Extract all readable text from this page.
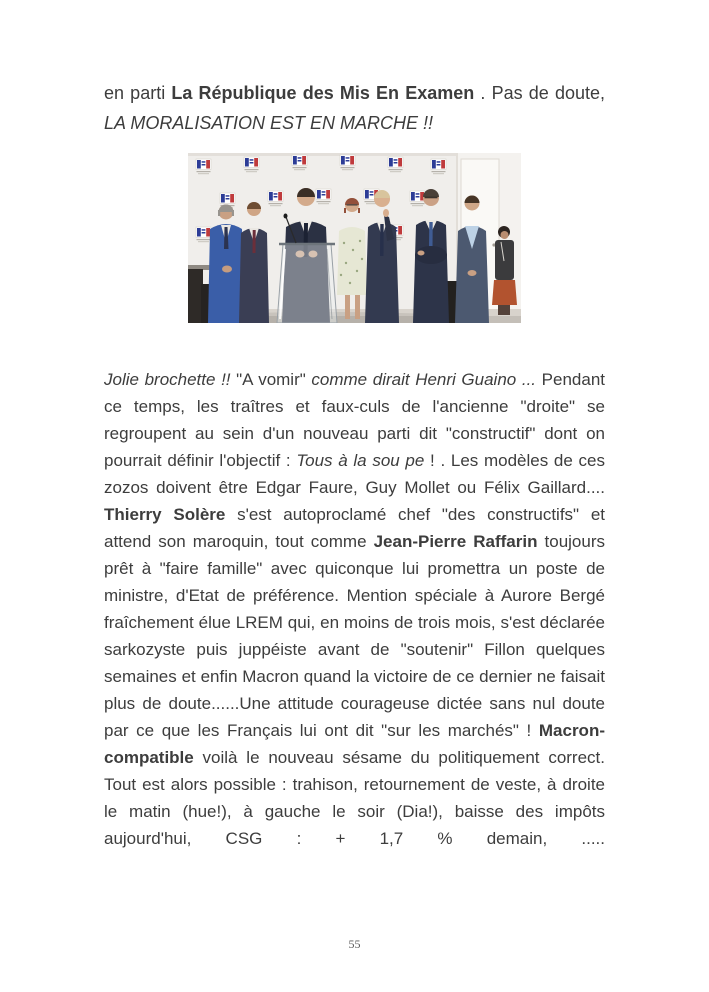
en parti La République des Mis En Examen . Pas de doute, LA MORALISATION EST EN MARCHE !!

Jolie brochette !! "A vomir" comme dirait Henri Guaino ... Pendant ce temps, les traîtres et faux-culs de l'ancienne "droite" se regroupent au sein d'un nouveau parti dit "constructif" dont on pourrait définir l'objectif : Tous à la sou pe ! . Les modèles de ces zozos doivent être Edgar Faure, Guy Mollet ou Félix Gaillard.... Thierry Solère s'est autoproclamé chef "des constructifs" et attend son maroquin, tout comme Jean-Pierre Raffarin toujours prêt à "faire famille" avec quiconque lui promettra un poste de ministre, d'Etat de préférence. Mention spéciale à Aurore Bergé fraîchement élue LREM qui, en moins de trois mois, s'est déclarée sarkozyste puis juppéiste avant de "soutenir" Fillon quelques semaines et enfin Macron quand la victoire de ce dernier ne faisait plus de doute......Une attitude courageuse dictée sans nul doute par ce que les Français lui ont dit "sur les marchés" ! Macron- compatible voilà le nouveau sésame du politiquement correct. Tout est alors possible : trahison, retournement de veste, à droite le matin (hue!), à gauche le soir (Dia!), baisse des impôts aujourd'hui, CSG : + 1,7 % demain, .....

55
